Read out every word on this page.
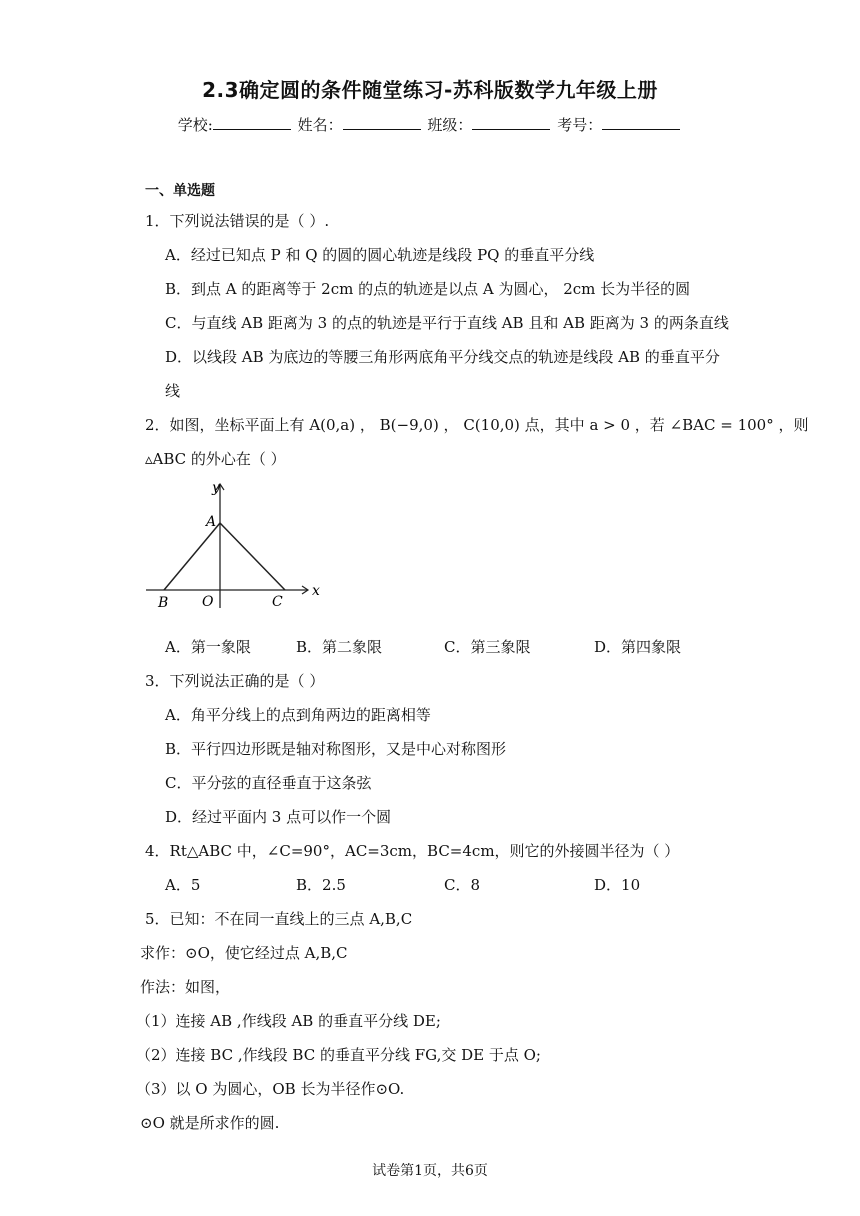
2.3确定圆的条件随堂练习-苏科版数学九年级上册
学校:	姓名：	班级：	考号：
一、单选题
1．下列说法错误的是（ ）.
A．经过已知点 P 和 Q 的圆的圆心轨迹是线段 PQ 的垂直平分线
B．到点 A 的距离等于 2cm 的点的轨迹是以点 A 为圆心， 2cm 长为半径的圆
C．与直线 AB 距离为 3 的点的轨迹是平行于直线 AB 且和 AB 距离为 3 的两条直线
D．以线段 AB 为底边的等腰三角形两底角平分线交点的轨迹是线段 AB 的垂直平分
线
2．如图，坐标平面上有 A(0,a) ， B(−9,0) ， C(10,0) 点，其中 a > 0 ，若 ∠BAC = 100° ，则
▵ABC 的外心在（ ）
x
y
A
B O	C
A．第一象限	B．第二象限	C．第三象限	D．第四象限
3．下列说法正确的是（ ）
A．角平分线上的点到角两边的距离相等
B．平行四边形既是轴对称图形，又是中心对称图形
C．平分弦的直径垂直于这条弦
D．经过平面内 3 点可以作一个圆
4．Rt△ABC 中，∠C=90°，AC=3cm，BC=4cm，则它的外接圆半径为（ ）
A．5	B．2.5	C．8	D．10
5．已知：不在同一直线上的三点 A,B,C
求作：⊙O，使它经过点 A,B,C
作法：如图，
（1）连接 AB ,作线段 AB 的垂直平分线 DE;
（2）连接 BC ,作线段 BC 的垂直平分线 FG,交 DE 于点 O;
（3）以 O 为圆心，OB 长为半径作⊙O.
⊙O 就是所求作的圆.
试卷第1页，共6页
